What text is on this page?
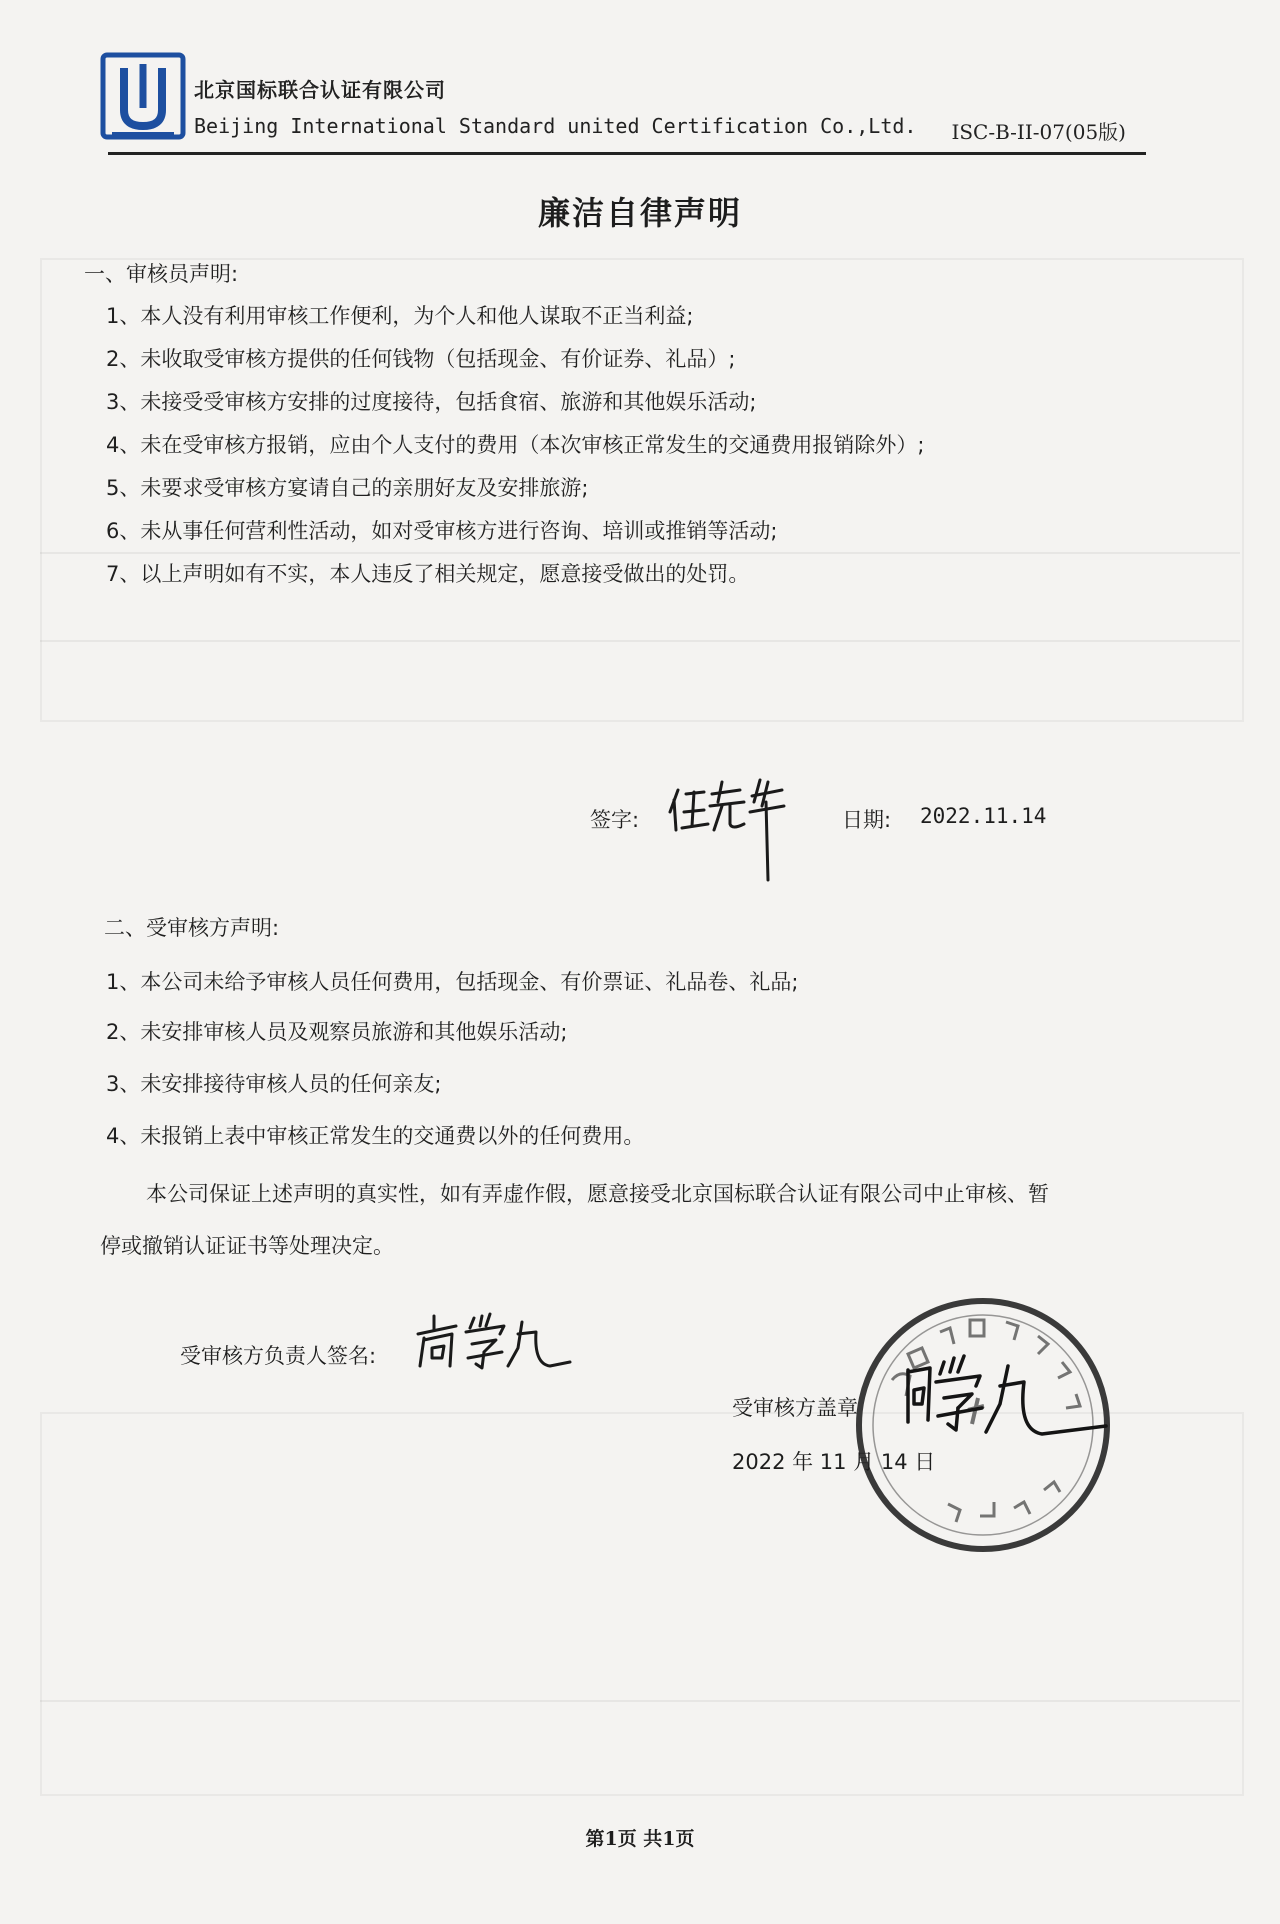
北京国标联合认证有限公司
Beijing International Standard united Certification Co.,Ltd. ISC-B-II-07(05版)
廉洁自律声明
一、审核员声明:
1、本人没有利用审核工作便利，为个人和他人谋取不正当利益;
2、未收取受审核方提供的任何钱物（包括现金、有价证券、礼品）;
3、未接受受审核方安排的过度接待，包括食宿、旅游和其他娱乐活动;
4、未在受审核方报销，应由个人支付的费用（本次审核正常发生的交通费用报销除外）;
5、未要求受审核方宴请自己的亲朋好友及安排旅游;
6、未从事任何营利性活动，如对受审核方进行咨询、培训或推销等活动;
7、以上声明如有不实，本人违反了相关规定，愿意接受做出的处罚。
签字:	日期: 2022.11.14
二、受审核方声明:
1、本公司未给予审核人员任何费用，包括现金、有价票证、礼品卷、礼品;
2、未安排审核人员及观察员旅游和其他娱乐活动;
3、未安排接待审核人员的任何亲友;
4、未报销上表中审核正常发生的交通费以外的任何费用。
本公司保证上述声明的真实性，如有弄虚作假，愿意接受北京国标联合认证有限公司中止审核、暂
停或撤销认证证书等处理决定。
受审核方负责人签名:
受审核方盖章
2022 年 11 月 14 日
第1页 共1页
